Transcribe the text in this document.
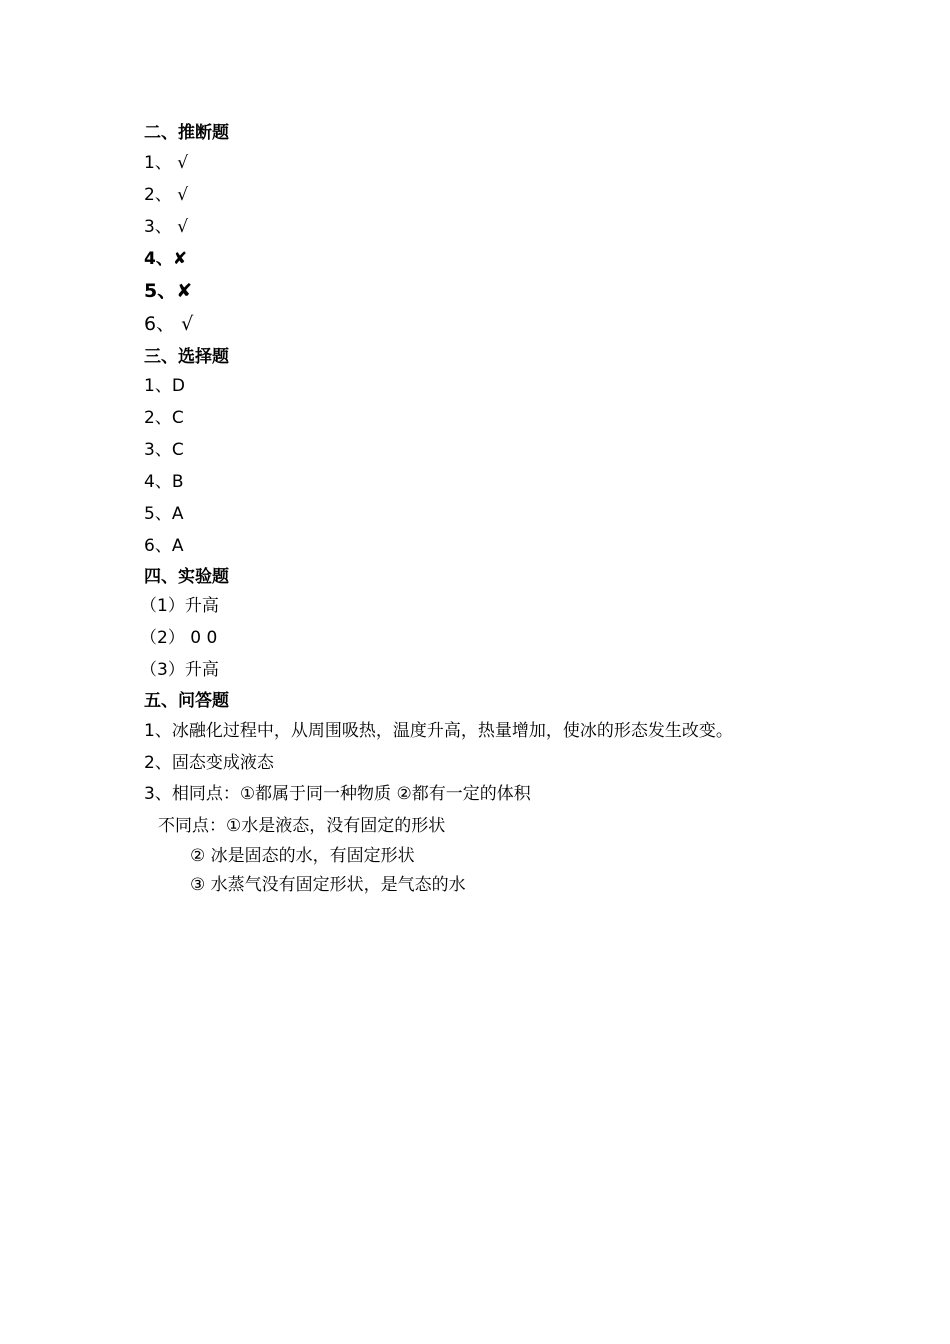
二、推断题
1、 √
2、 √
3、 √
4、✘
5、✘
6、 √
三、选择题
1、D
2、C
3、C
4、B
5、A
6、A
四、实验题
（1）升高
（2） 0 0
（3）升高
五、问答题
1、冰融化过程中，从周围吸热，温度升高，热量增加，使冰的形态发生改变。
2、固态变成液态
3、相同点：①都属于同一种物质 ②都有一定的体积
不同点：①水是液态，没有固定的形状
② 冰是固态的水，有固定形状
③ 水蒸气没有固定形状，是气态的水
